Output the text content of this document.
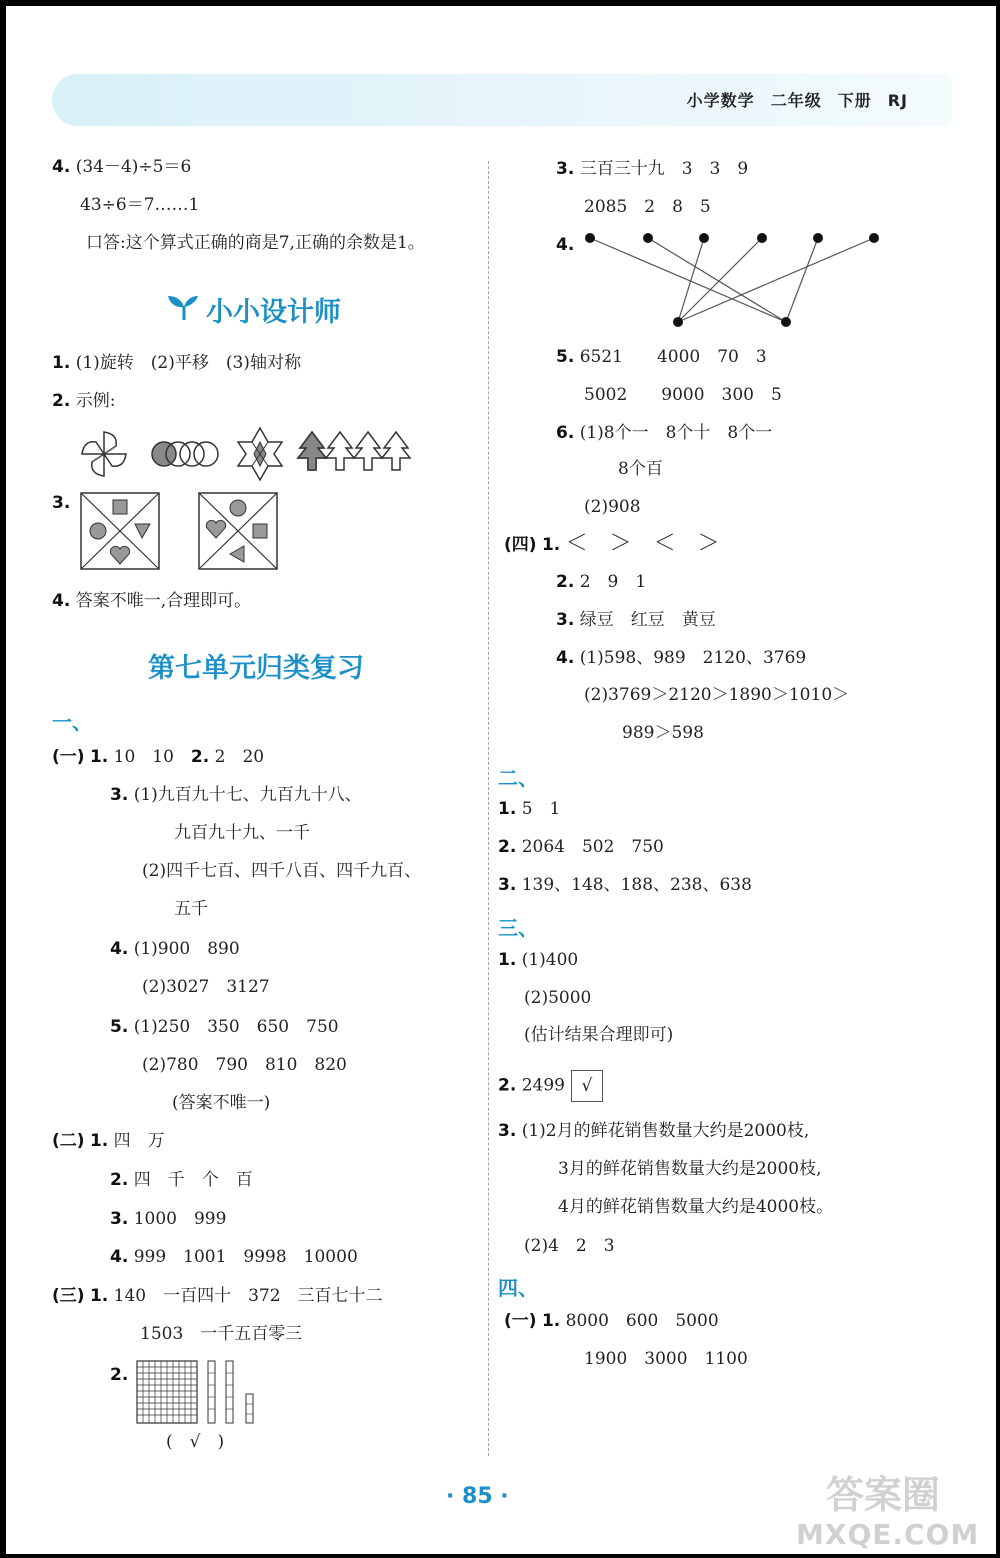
小学数学 二年级 下册 RJ
4. (34－4)÷5＝6
43÷6＝7……1
口答:这个算式正确的商是7,正确的余数是1。
小小设计师
1. (1)旋转　(2)平移　(3)轴对称
2. 示例:
3.
4. 答案不唯一,合理即可。
第七单元归类复习
一、
(一) 1. 10　10　 2. 2　20
3. (1)九百九十七、九百九十八、
九百九十九、一千
(2)四千七百、四千八百、四千九百、
五千
4. (1)900　890
(2)3027　3127
5. (1)250　350　650　750
(2)780　790　810　820
(答案不唯一)
(二) 1. 四　万
2. 四　千　个　百
3. 1000　999
4. 999　1001　9998　10000
(三) 1. 140　一百四十　372　三百七十二
1503　一千五百零三
2.
(　√　)
3. 三百三十九　3　3　9
2085　2　8　5
4.
5. 6521　　4000　70　3
5002　　9000　300　5
6. (1)8个一　8个十　8个一
8个百
(2)908
(四) 1. ＜　＞　＜　＞
2. 2　9　1
3. 绿豆　红豆　黄豆
4. (1)598、989　2120、3769
(2)3769＞2120＞1890＞1010＞
989＞598
二、
1. 5　1
2. 2064　502　750
3. 139、148、188、238、638
三、
1. (1)400
(2)5000
(估计结果合理即可)
2. 2499 √
3. (1)2月的鲜花销售数量大约是2000枝,
3月的鲜花销售数量大约是2000枝,
4月的鲜花销售数量大约是4000枝。
(2)4　2　3
四、
(一) 1. 8000　600　5000
1900　3000　1100
· 85 ·	答案圈
MXQE.COM
